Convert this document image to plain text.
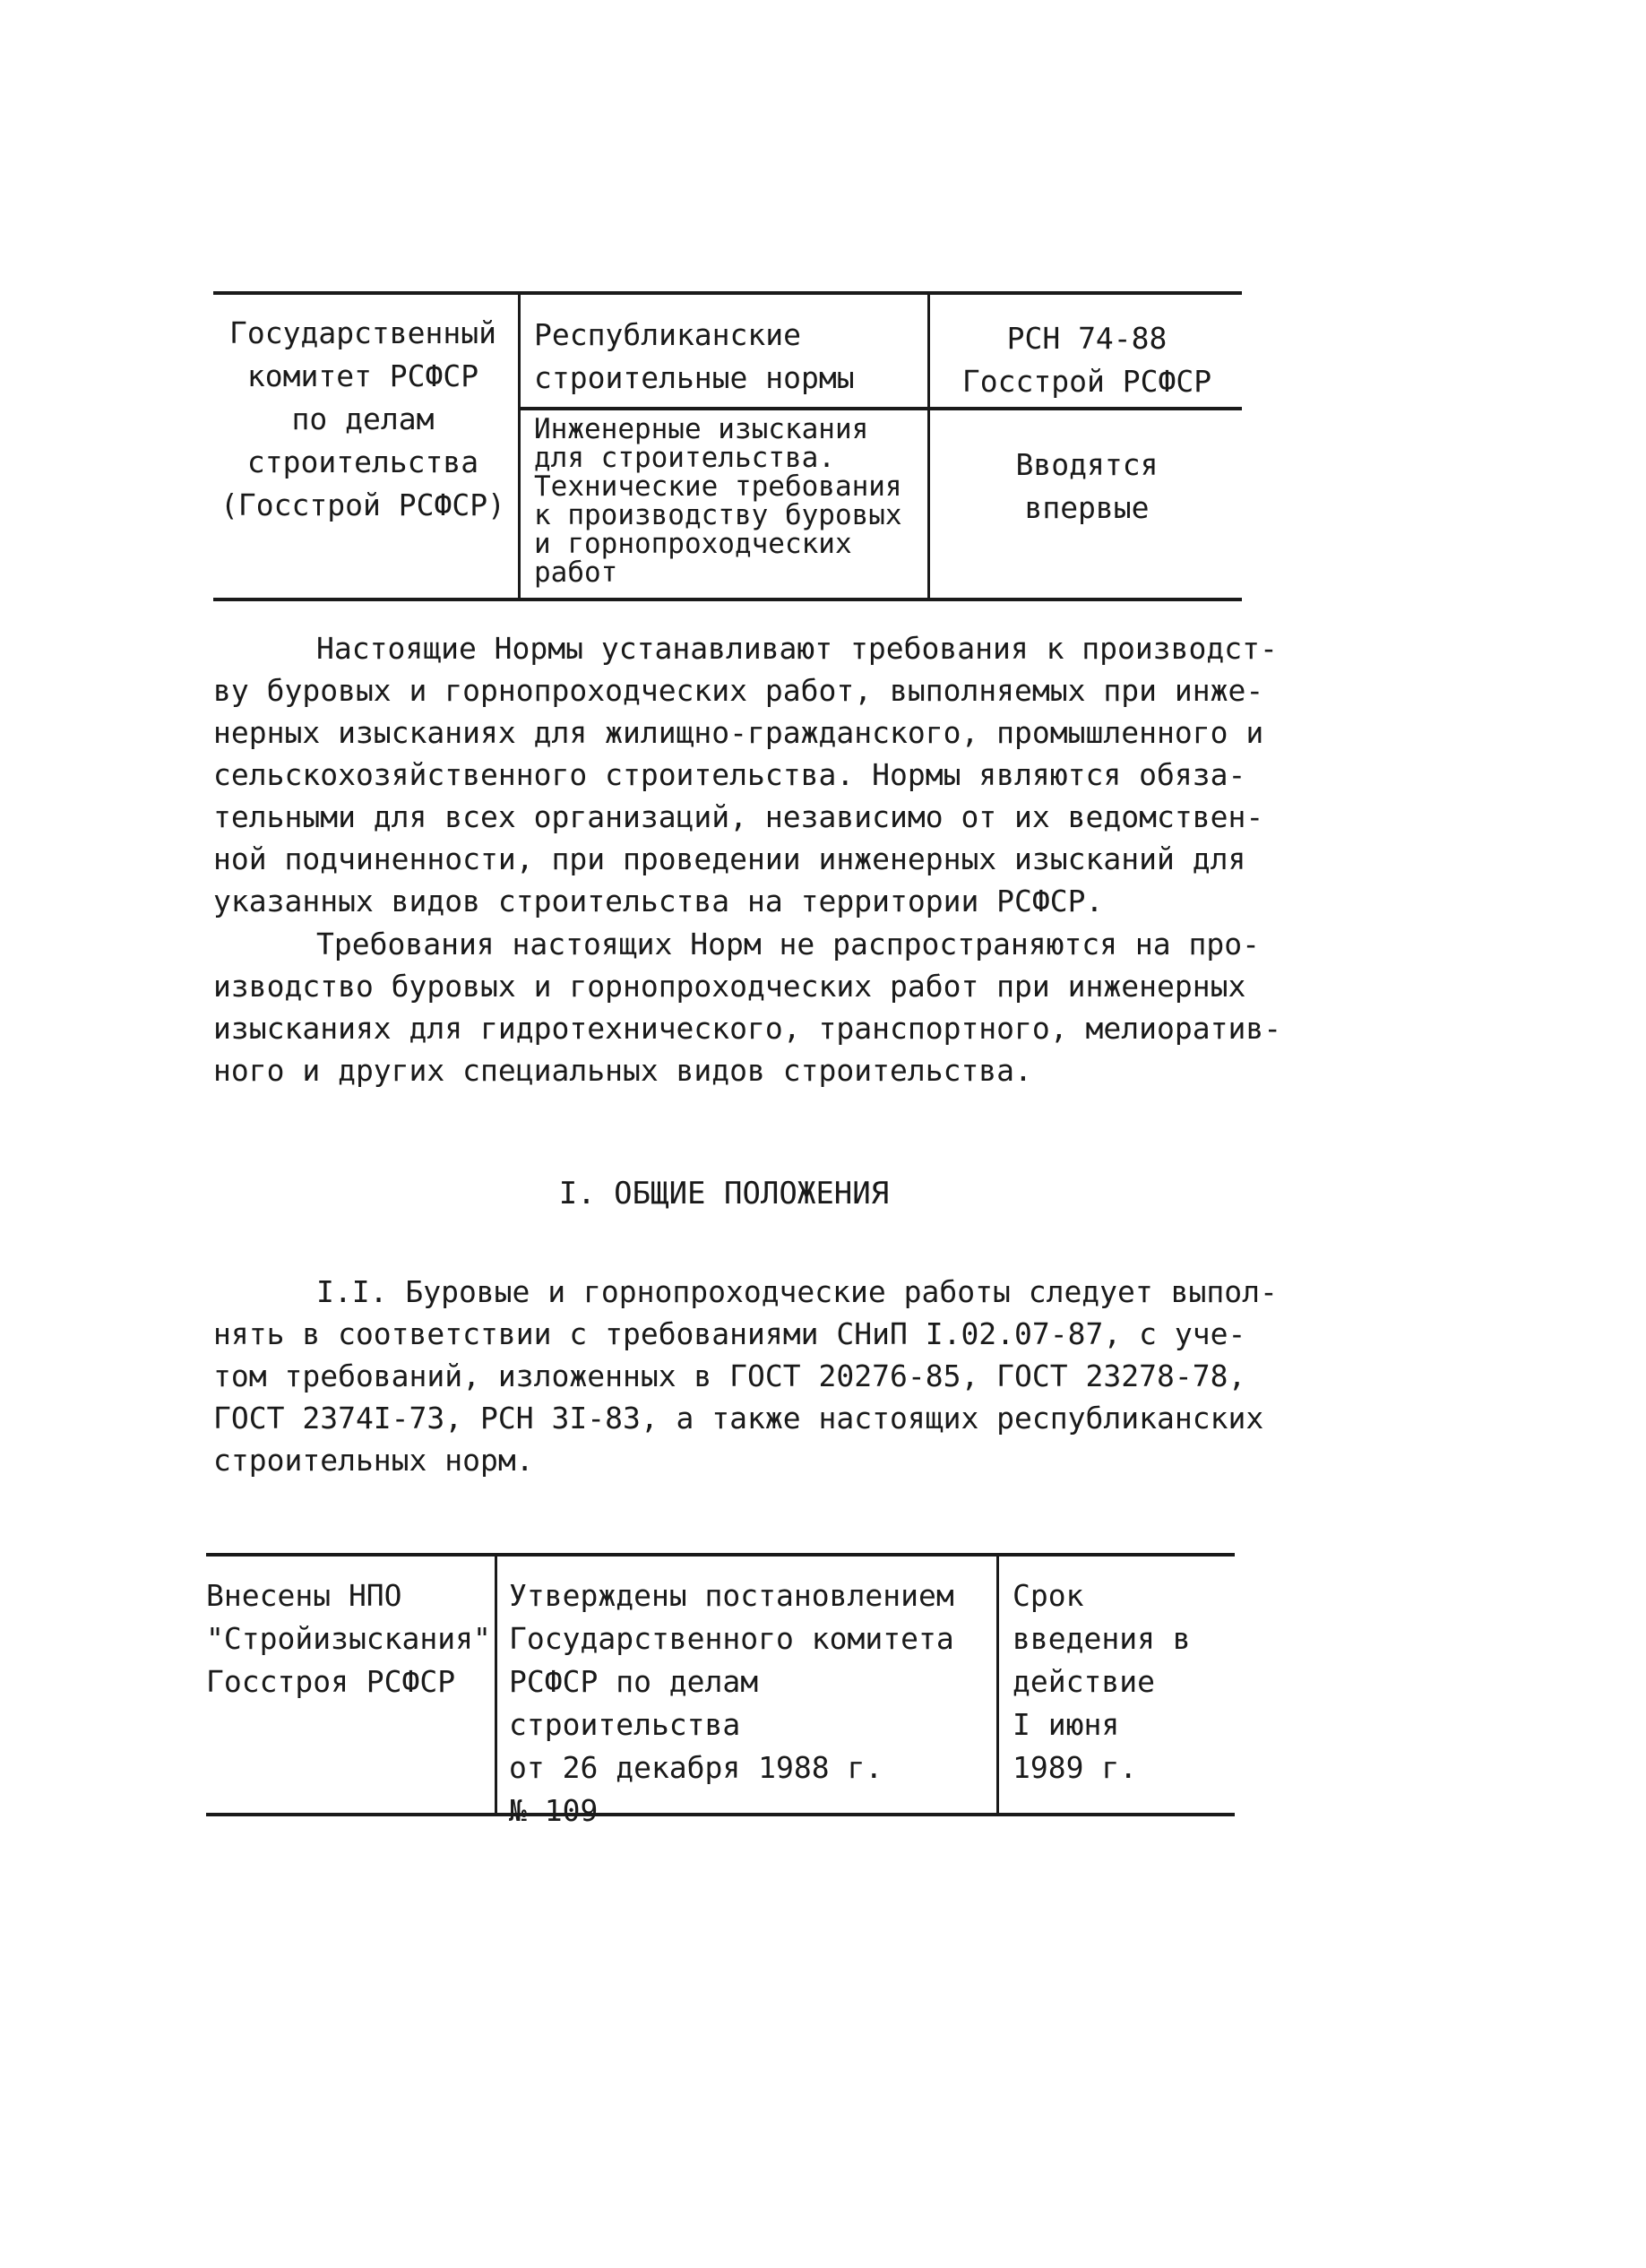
Государственный
комитет РСФСР
по делам
строительства
(Госстрой РСФСР)
Республиканские
строительные нормы
РСН 74-88
Госстрой РСФСР
Инженерные изыскания
для строительства.
Технические требования
к производству буровых
и горнопроходческих
работ
Вводятся
впервые
Настоящие Нормы устанавливают требования к производст-
ву буровых и горнопроходческих работ, выполняемых при инже-
нерных изысканиях для жилищно-гражданского, промышленного и
сельскохозяйственного строительства. Нормы являются обяза-
тельными для всех организаций, независимо от их ведомствен-
ной подчиненности, при проведении инженерных изысканий для
указанных видов строительства на территории РСФСР.
Требования настоящих Норм не распространяются на про-
изводство буровых и горнопроходческих работ при инженерных
изысканиях для гидротехнического, транспортного, мелиоратив-
ного и других специальных видов строительства.
I. ОБЩИЕ ПОЛОЖЕНИЯ
I.I. Буровые и горнопроходческие работы следует выпол-
нять в соответствии с требованиями СНиП I.02.07-87, с уче-
том требований, изложенных в ГОСТ 20276-85, ГОСТ 23278-78,
ГОСТ 2374I-73, РСН 3I-83, а также настоящих республиканских
строительных норм.
Внесены НПО
"Стройизыскания"
Госстроя РСФСР
Утверждены постановлением
Государственного комитета
РСФСР по делам строительства
от 26 декабря 1988 г.
№ 109
Срок
введения в
действие
I июня
1989 г.
